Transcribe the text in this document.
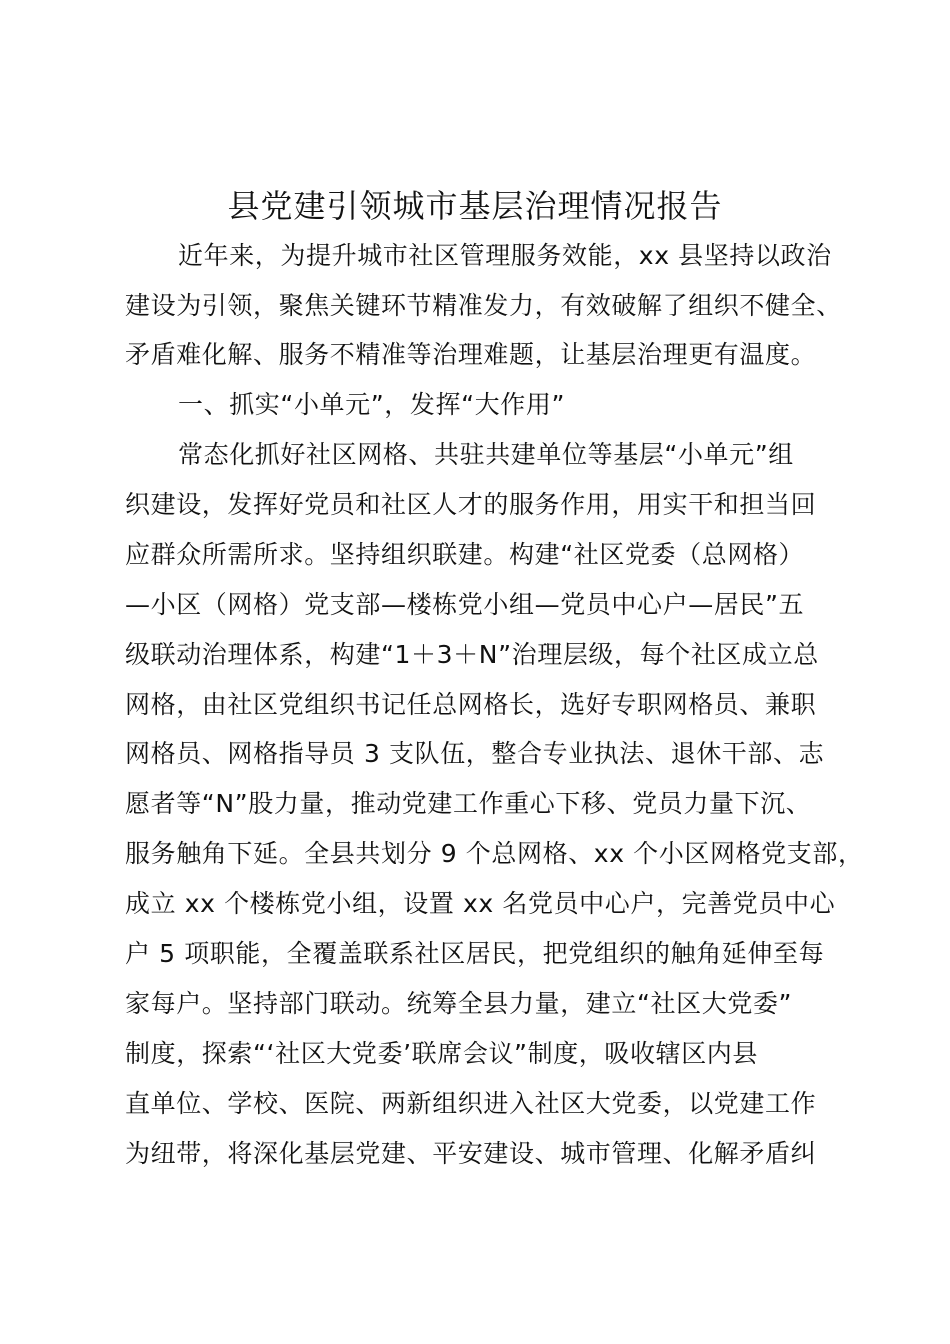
县党建引领城市基层治理情况报告
近年来，为提升城市社区管理服务效能，xx 县坚持以政治
建设为引领，聚焦关键环节精准发力，有效破解了组织不健全、
矛盾难化解、服务不精准等治理难题，让基层治理更有温度。
一、抓实“小单元”，发挥“大作用”
常态化抓好社区网格、共驻共建单位等基层“小单元”组
织建设，发挥好党员和社区人才的服务作用，用实干和担当回
应群众所需所求。坚持组织联建。构建“社区党委（总网格）
—小区（网格）党支部—楼栋党小组—党员中心户—居民”五
级联动治理体系，构建“1＋3＋N”治理层级，每个社区成立总
网格，由社区党组织书记任总网格长，选好专职网格员、兼职
网格员、网格指导员 3 支队伍，整合专业执法、退休干部、志
愿者等“N”股力量，推动党建工作重心下移、党员力量下沉、
服务触角下延。全县共划分 9 个总网格、xx 个小区网格党支部，
成立 xx 个楼栋党小组，设置 xx 名党员中心户，完善党员中心
户 5 项职能，全覆盖联系社区居民，把党组织的触角延伸至每
家每户。坚持部门联动。统筹全县力量，建立“社区大党委”
制度，探索“‘社区大党委’联席会议”制度，吸收辖区内县
直单位、学校、医院、两新组织进入社区大党委，以党建工作
为纽带，将深化基层党建、平安建设、城市管理、化解矛盾纠
